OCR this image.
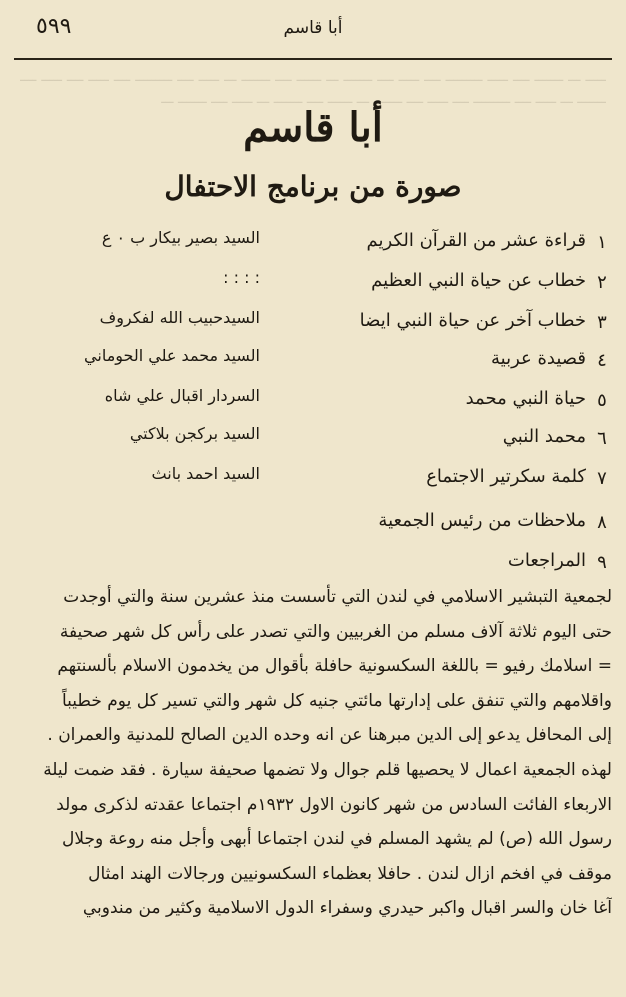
٥٩٩	أبا قاسم
ـــــ ـــ ـــــــ ــــ ـــــ ـــــــــ ــــ ـــــ ــــ ـــــــ ـــ ــــــ ــــ ـــــــ ـــ ـــــ ــــ ـــــــــ ــــ ـــــ ــــ ـــــ ــــ ـــــــ ـــ ـــــ ــــ ـــــــــ ــــ ـــــ ــــ ـــــــ ـــ ــــــ ــــ ـــــــ ـــ ـــــ ــــ ـــــــ ـــ
أبا قاسم
صورة من برنامج الاحتفال
١
قراءة عشر من القرآن الكريم
السيد بصير بيكار ب ٠ ع
٢
خطاب عن حياة النبي العظيم
: : : :
٣
خطاب آخر عن حياة النبي ايضا
السيدحبيب الله لفكروف
٤
قصيدة عربية
السيد محمد علي الحوماني
٥
حياة النبي محمد
السردار اقبال علي شاه
٦
محمد النبي
السيد بركجن بلاكتي
٧
كلمة سكرتير الاجتماع
السيد احمد بانث
٨
ملاحظات من رئيس الجمعية
٩
المراجعات
لجمعية التبشير الاسلامي في لندن التي تأسست منذ عشرين سنة والتي أوجدت
حتى اليوم ثلاثة آلاف مسلم من الغربيين والتي تصدر على رأس كل شهر صحيفة
= اسلامك رفيو = باللغة السكسونية حافلة بأقوال من يخدمون الاسلام بألسنتهم
واقلامهم والتي تنفق على إدارتها مائتي جنيه كل شهر والتي تسير كل يوم خطيباً
إلى المحافل يدعو إلى الدين مبرهنا عن انه وحده الدين الصالح للمدنية والعمران .
لهذه الجمعية اعمال لا يحصيها قلم جوال ولا تضمها صحيفة سيارة . فقد ضمت ليلة
الاربعاء الفائت السادس من شهر كانون الاول ١٩٣٢م اجتماعا عقدته لذكرى مولد
رسول الله (ص) لم يشهد المسلم في لندن اجتماعا أبهى وأجل منه روعة وجلال
موقف في افخم ازال لندن . حافلا بعظماء السكسونيين ورجالات الهند امثال
آغا خان والسر اقبال واكبر حيدري وسفراء الدول الاسلامية وكثير من مندوبي
